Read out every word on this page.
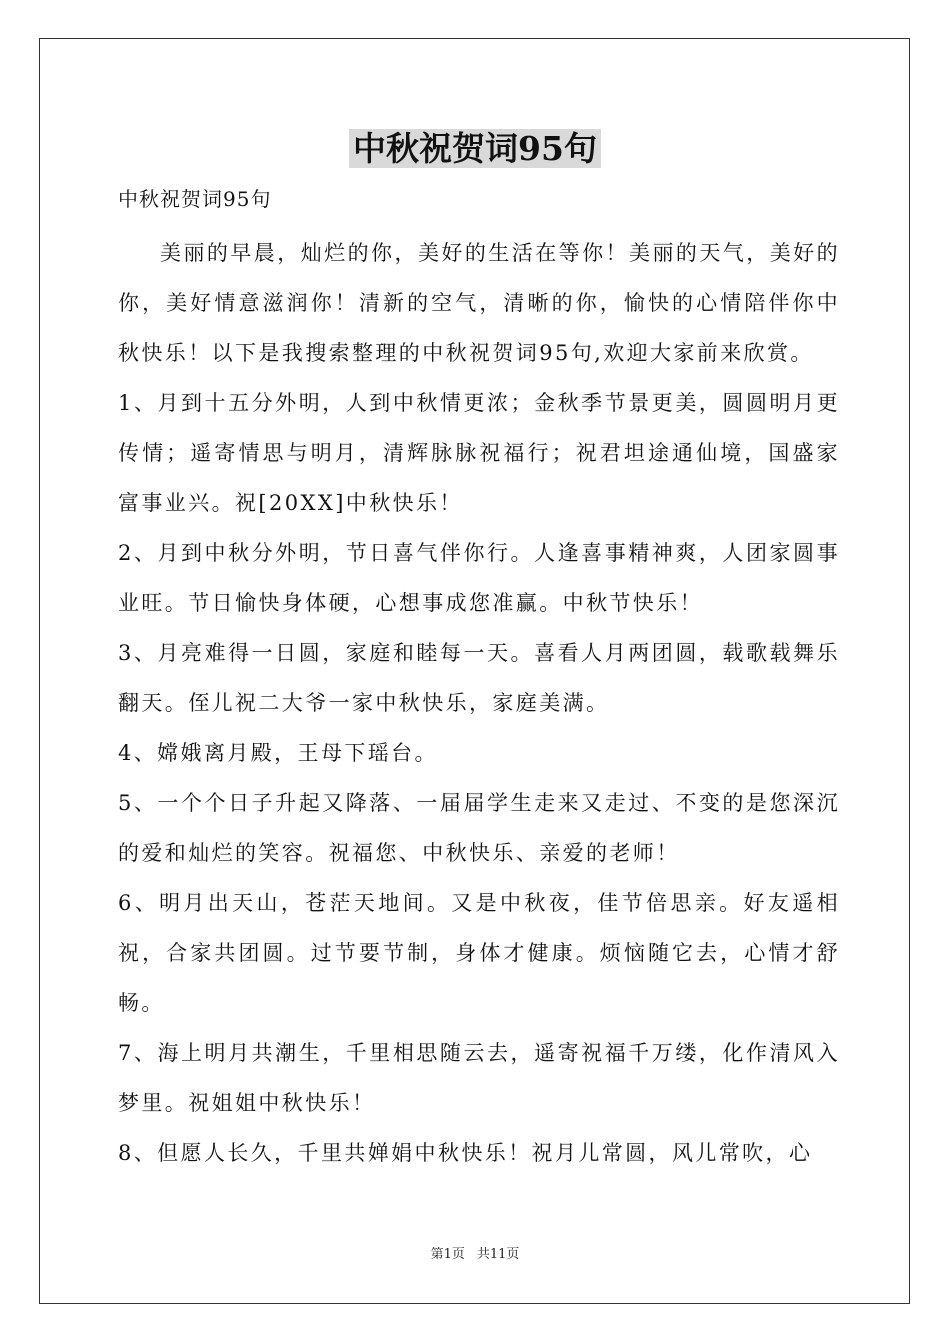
中秋祝贺词95句
中秋祝贺词95句

美丽的早晨，灿烂的你，美好的生活在等你！美丽的天气，美好的你，美好情意滋润你！清新的空气，清晰的你，愉快的心情陪伴你中秋快乐！以下是我搜索整理的中秋祝贺词95句,欢迎大家前来欣赏。

1、月到十五分外明，人到中秋情更浓；金秋季节景更美，圆圆明月更传情；遥寄情思与明月，清辉脉脉祝福行；祝君坦途通仙境，国盛家富事业兴。祝[20XX]中秋快乐！

2、月到中秋分外明，节日喜气伴你行。人逢喜事精神爽，人团家圆事业旺。节日愉快身体硬，心想事成您准赢。中秋节快乐！

3、月亮难得一日圆，家庭和睦每一天。喜看人月两团圆，载歌载舞乐翻天。侄儿祝二大爷一家中秋快乐，家庭美满。

4、嫦娥离月殿，王母下瑶台。

5、一个个日子升起又降落、一届届学生走来又走过、不变的是您深沉的爱和灿烂的笑容。祝福您、中秋快乐、亲爱的老师！

6、明月出天山，苍茫天地间。又是中秋夜，佳节倍思亲。好友遥相祝，合家共团圆。过节要节制，身体才健康。烦恼随它去，心情才舒畅。

7、海上明月共潮生，千里相思随云去，遥寄祝福千万缕，化作清风入梦里。祝姐姐中秋快乐！

8、但愿人长久，千里共婵娟中秋快乐！祝月儿常圆，风儿常吹，心

第1页 共11页
